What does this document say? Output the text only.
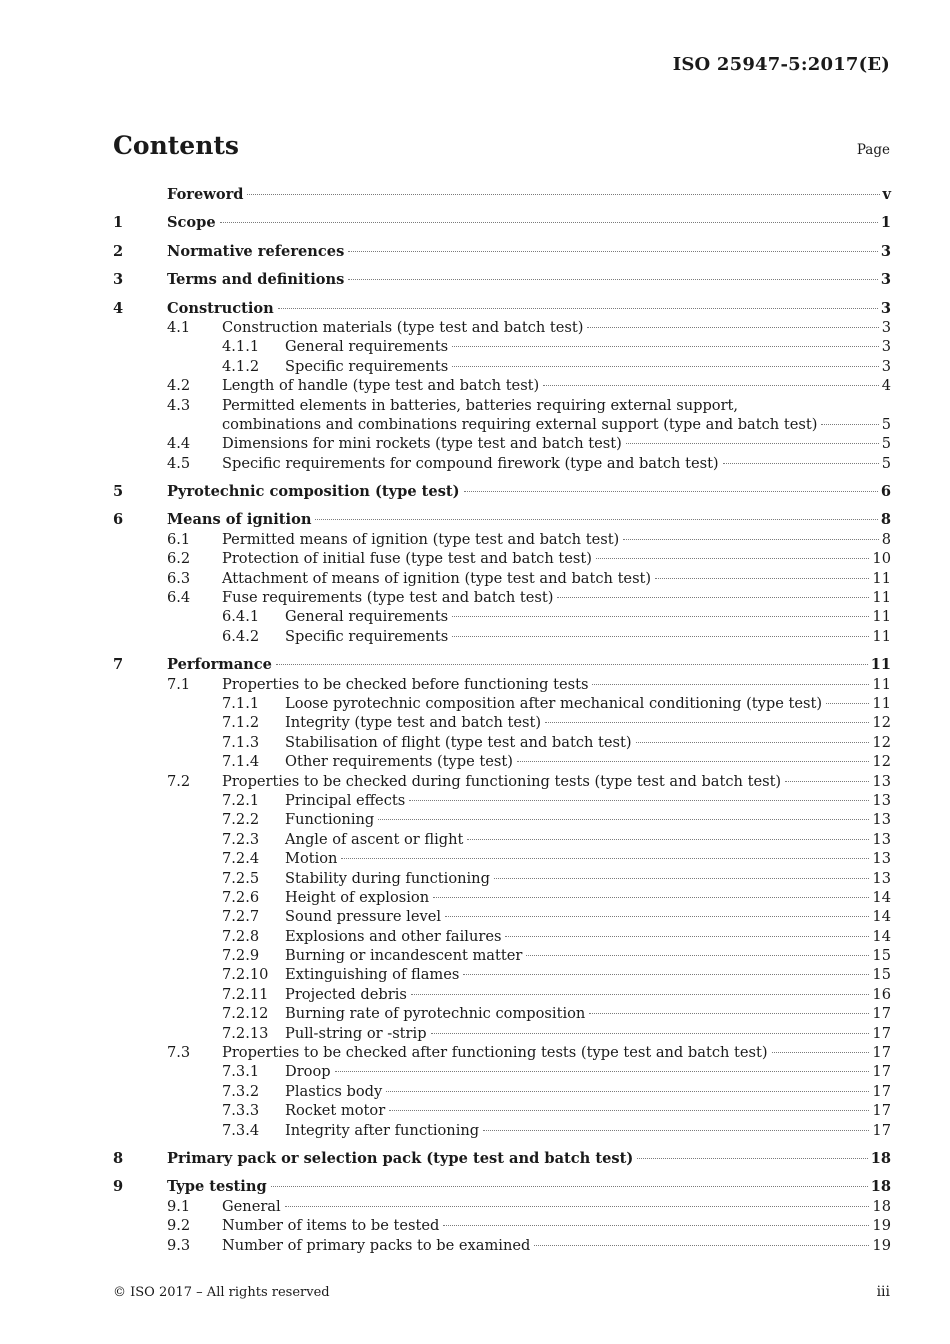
ISO 25947-5:2017(E)
Contents	Page
Foreword	v
1	Scope	1
2	Normative references	3
3	Terms and definitions	3
4	Construction	3
4.1 Construction materials (type test and batch test)	3
4.1.1 General requirements	3
4.1.2 Specific requirements	3
4.2 Length of handle (type test and batch test)	4
4.3 Permitted elements in batteries, batteries requiring external support,
combinations and combinations requiring external support (type and batch test)	5
4.4 Dimensions for mini rockets (type test and batch test)	5
4.5 Specific requirements for compound firework (type and batch test)	5
5	Pyrotechnic composition (type test)	6
6	Means of ignition	8
6.1 Permitted means of ignition (type test and batch test)	8
6.2 Protection of initial fuse (type test and batch test)	10
6.3 Attachment of means of ignition (type test and batch test)	11
6.4 Fuse requirements (type test and batch test)	11
6.4.1 General requirements	11
6.4.2 Specific requirements	11
7	Performance	11
7.1 Properties to be checked before functioning tests	11
7.1.1 Loose pyrotechnic composition after mechanical conditioning (type test)	11
7.1.2 Integrity (type test and batch test)	12
7.1.3 Stabilisation of flight (type test and batch test)	12
7.1.4 Other requirements (type test)	12
7.2 Properties to be checked during functioning tests (type test and batch test)	13
7.2.1 Principal effects	13
7.2.2 Functioning	13
7.2.3 Angle of ascent or flight	13
7.2.4 Motion	13
7.2.5 Stability during functioning	13
7.2.6 Height of explosion	14
7.2.7 Sound pressure level	14
7.2.8 Explosions and other failures	14
7.2.9 Burning or incandescent matter	15
7.2.10 Extinguishing of flames	15
7.2.11 Projected debris	16
7.2.12 Burning rate of pyrotechnic composition	17
7.2.13 Pull-string or -strip	17
7.3 Properties to be checked after functioning tests (type test and batch test)	17
7.3.1 Droop	17
7.3.2 Plastics body	17
7.3.3 Rocket motor	17
7.3.4 Integrity after functioning	17
8	Primary pack or selection pack (type test and batch test)	18
9	Type testing	18
9.1 General	18
9.2 Number of items to be tested	19
9.3 Number of primary packs to be examined	19
© ISO 2017 – All rights reserved	iii
